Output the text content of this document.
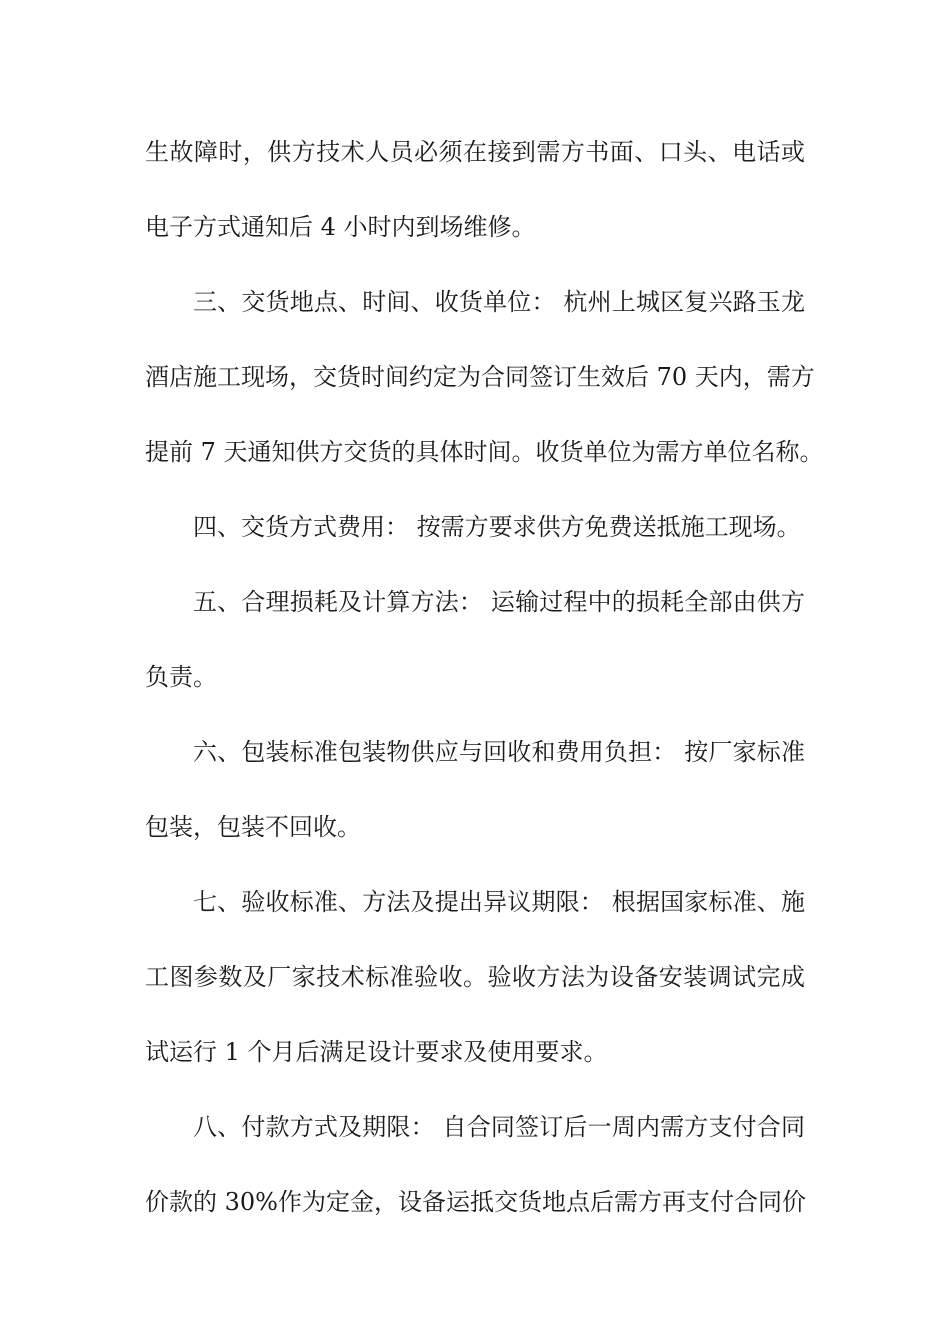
生故障时，供方技术人员必须在接到需方书面、口头、电话或
电子方式通知后 4 小时内到场维修。
三、交货地点、时间、收货单位： 杭州上城区复兴路玉龙
酒店施工现场，交货时间约定为合同签订生效后 70 天内，需方
提前 7 天通知供方交货的具体时间。收货单位为需方单位名称。
四、交货方式费用： 按需方要求供方免费送抵施工现场。
五、合理损耗及计算方法： 运输过程中的损耗全部由供方
负责。
六、包装标准包装物供应与回收和费用负担： 按厂家标准
包装，包装不回收。
七、验收标准、方法及提出异议期限： 根据国家标准、施
工图参数及厂家技术标准验收。验收方法为设备安装调试完成
试运行 1 个月后满足设计要求及使用要求。
八、付款方式及期限： 自合同签订后一周内需方支付合同
价款的 30%作为定金，设备运抵交货地点后需方再支付合同价
